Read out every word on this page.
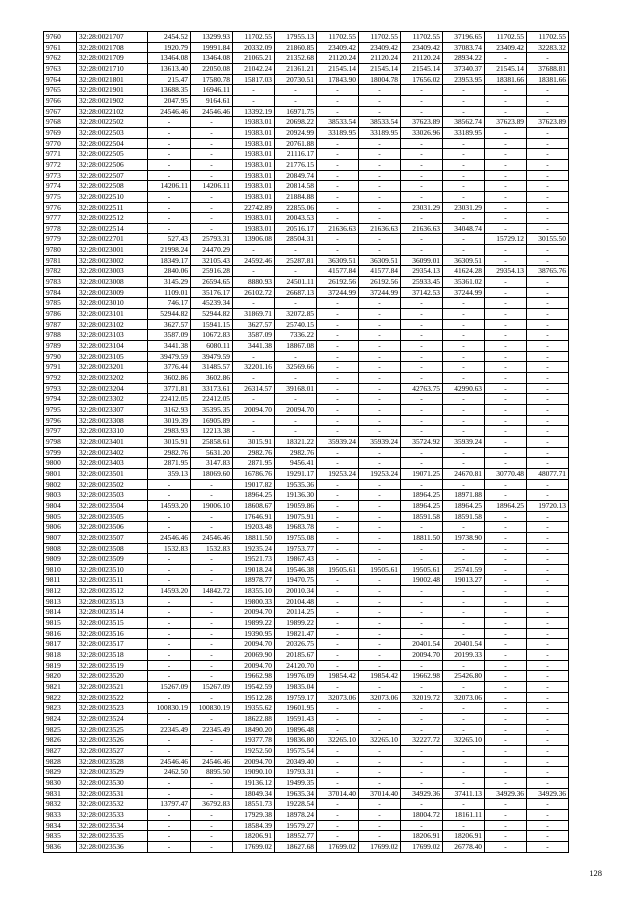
9760	32:28:0021707	2454.52	13299.93	11702.55	17955.13	11702.55	11702.55	11702.55	37196.65	11702.55	11702.55
9761	32:28:0021708	1920.79	19991.84	20332.09	21860.85	23409.42	23409.42	23409.42	37083.74	23409.42	32283.32
9762	32:28:0021709	13464.08	13464.08	21065.21	21352.68	21120.24	21120.24	21120.24	28934.22	-	-
9763	32:28:0021710	13613.40	22050.08	21042.24	21361.21	21545.14	21545.14	21545.14	37340.37	21545.14	37688.81
9764	32:28:0021801	215.47	17580.78	15817.03	20730.51	17843.90	18004.78	17656.02	23953.95	18381.66	18381.66
9765	32:28:0021901	13688.35	16946.11	-	-	-	-	-	-	-	-
9766	32:28:0021902	2047.95	9164.61	-	-	-	-	-	-	-	-
9767	32:28:0022102	24546.46	24546.46	13392.19	16971.75	-	-	-	-	-	-
9768	32:28:0022502	-	-	19383.01	20698.22	38533.54	38533.54	37623.89	38562.74	37623.89	37623.89
9769	32:28:0022503	-	-	19383.01	20924.99	33189.95	33189.95	33026.96	33189.95	-	-
9770	32:28:0022504	-	-	19383.01	20761.88	-	-	-	-	-	-
9771	32:28:0022505	-	-	19383.01	21116.17	-	-	-	-	-	-
9772	32:28:0022506	-	-	19383.01	21776.15	-	-	-	-	-	-
9773	32:28:0022507	-	-	19383.01	20849.74	-	-	-	-	-	-
9774	32:28:0022508	14206.11	14206.11	19383.01	20814.58	-	-	-	-	-	-
9775	32:28:0022510	-	-	19383.01	21884.88	-	-	-	-	-	-
9776	32:28:0022511	-	-	22742.89	22855.06	-	-	23031.29	23031.29	-	-
9777	32:28:0022512	-	-	19383.01	20043.53	-	-	-	-	-	-
9778	32:28:0022514	-	-	19383.01	20516.17	21636.63	21636.63	21636.63	34048.74	-	-
9779	32:28:0022701	527.43	25793.31	13906.08	28504.31	-	-	-	-	15729.12	30155.50
9780	32:28:0023001	21998.24	24470.29	-	-	-	-	-	-	-	-
9781	32:28:0023002	18349.17	32105.43	24592.46	25287.81	36309.51	36309.51	36099.01	36309.51	-	-
9782	32:28:0023003	2840.06	25916.28	-	-	41577.84	41577.84	29354.13	41624.28	29354.13	38765.76
9783	32:28:0023008	3145.29	26594.65	8880.93	24501.11	26192.56	26192.56	25933.45	35361.02	-	-
9784	32:28:0023009	1109.01	35176.17	26102.72	26687.13	37244.99	37244.99	37142.53	37244.99	-	-
9785	32:28:0023010	746.17	45239.34	-	-	-	-	-	-	-	-
9786	32:28:0023101	52944.82	52944.82	31869.71	32072.85	-	-	-	-	-	-
9787	32:28:0023102	3627.57	15941.15	3627.57	25740.15	-	-	-	-	-	-
9788	32:28:0023103	3587.09	10672.83	3587.09	7336.22	-	-	-	-	-	-
9789	32:28:0023104	3441.38	6080.11	3441.38	18867.08	-	-	-	-	-	-
9790	32:28:0023105	39479.59	39479.59	-	-	-	-	-	-	-	-
9791	32:28:0023201	3776.44	31485.57	32201.16	32569.66	-	-	-	-	-	-
9792	32:28:0023202	3602.86	3602.86	-	-	-	-	-	-	-	-
9793	32:28:0023204	3771.81	33173.61	26314.57	39168.01	-	-	42763.75	42990.63	-	-
9794	32:28:0023302	22412.05	22412.05	-	-	-	-	-	-	-	-
9795	32:28:0023307	3162.93	35395.35	20094.70	20094.70	-	-	-	-	-	-
9796	32:28:0023308	3019.39	16905.89	-	-	-	-	-	-	-	-
9797	32:28:0023310	2983.93	12213.38	-	-	-	-	-	-	-	-
9798	32:28:0023401	3015.91	25858.61	3015.91	18321.22	35939.24	35939.24	35724.92	35939.24	-	-
9799	32:28:0023402	2982.76	5631.20	2982.76	2982.76	-	-	-	-	-	-
9800	32:28:0023403	2871.95	3147.83	2871.95	9456.41	-	-	-	-	-	-
9801	32:28:0023501	359.13	18069.60	16786.76	19291.17	19253.24	19253.24	19071.25	24670.81	30770.48	48077.71
9802	32:28:0023502	-	-	19017.82	19535.36	-	-	-	-	-	-
9803	32:28:0023503	-	-	18964.25	19136.30	-	-	18964.25	18971.88	-	-
9804	32:28:0023504	14593.20	19006.10	18608.67	19059.86	-	-	18964.25	18964.25	18964.25	19720.13
9805	32:28:0023505	-	-	17646.91	19075.91	-	-	18591.58	18591.58	-	-
9806	32:28:0023506	-	-	19203.48	19683.78	-	-	-	-	-	-
9807	32:28:0023507	24546.46	24546.46	18811.50	19755.08	-	-	18811.50	19738.90	-	-
9808	32:28:0023508	1532.83	1532.83	19235.24	19753.77	-	-	-	-	-	-
9809	32:28:0023509	-	-	19521.73	19867.43	-	-	-	-	-	-
9810	32:28:0023510	-	-	19018.24	19546.38	19505.61	19505.61	19505.61	25741.59	-	-
9811	32:28:0023511	-	-	18978.77	19470.75	-	-	19002.48	19013.27	-	-
9812	32:28:0023512	14593.20	14842.72	18355.10	20010.34	-	-	-	-	-	-
9813	32:28:0023513	-	-	19800.33	20104.48	-	-	-	-	-	-
9814	32:28:0023514	-	-	20094.70	20114.25	-	-	-	-	-	-
9815	32:28:0023515	-	-	19899.22	19899.22	-	-	-	-	-	-
9816	32:28:0023516	-	-	19390.95	19821.47	-	-	-	-	-	-
9817	32:28:0023517	-	-	20094.70	20326.75	-	-	20401.54	20401.54	-	-
9818	32:28:0023518	-	-	20069.90	20185.67	-	-	20094.70	20199.33	-	-
9819	32:28:0023519	-	-	20094.70	24120.70	-	-	-	-	-	-
9820	32:28:0023520	-	-	19662.98	19976.09	19854.42	19854.42	19662.98	25426.80	-	-
9821	32:28:0023521	15267.09	15267.09	19542.59	19835.04	-	-	-	-	-	-
9822	32:28:0023522	-	-	19512.28	19759.17	32073.06	32073.06	32019.72	32073.06	-	-
9823	32:28:0023523	100830.19	100830.19	19355.62	19601.95	-	-	-	-	-	-
9824	32:28:0023524	-	-	18622.88	19591.43	-	-	-	-	-	-
9825	32:28:0023525	22345.49	22345.49	18490.20	19896.48	-	-	-	-	-	-
9826	32:28:0023526	-	-	19377.78	19836.80	32265.10	32265.10	32227.72	32265.10	-	-
9827	32:28:0023527	-	-	19252.50	19575.54	-	-	-	-	-	-
9828	32:28:0023528	24546.46	24546.46	20094.70	20349.40	-	-	-	-	-	-
9829	32:28:0023529	2462.50	8895.50	19090.10	19793.31	-	-	-	-	-	-
9830	32:28:0023530	-	-	19136.12	19499.35	-	-	-	-	-	-
9831	32:28:0023531	-	-	18049.34	19635.34	37014.40	37014.40	34929.36	37411.13	34929.36	34929.36
9832	32:28:0023532	13797.47	36792.83	18551.73	19228.54	-	-	-	-	-	-
9833	32:28:0023533	-	-	17929.38	18978.24	-	-	18004.72	18161.11	-	-
9834	32:28:0023534	-	-	18584.39	19579.27	-	-	-	-	-	-
9835	32:28:0023535	-	-	18206.91	18952.77	-	-	18206.91	18206.91	-	-
9836	32:28:0023536	-	-	17699.02	18627.68	17699.02	17699.02	17699.02	26778.40	-	-
128
